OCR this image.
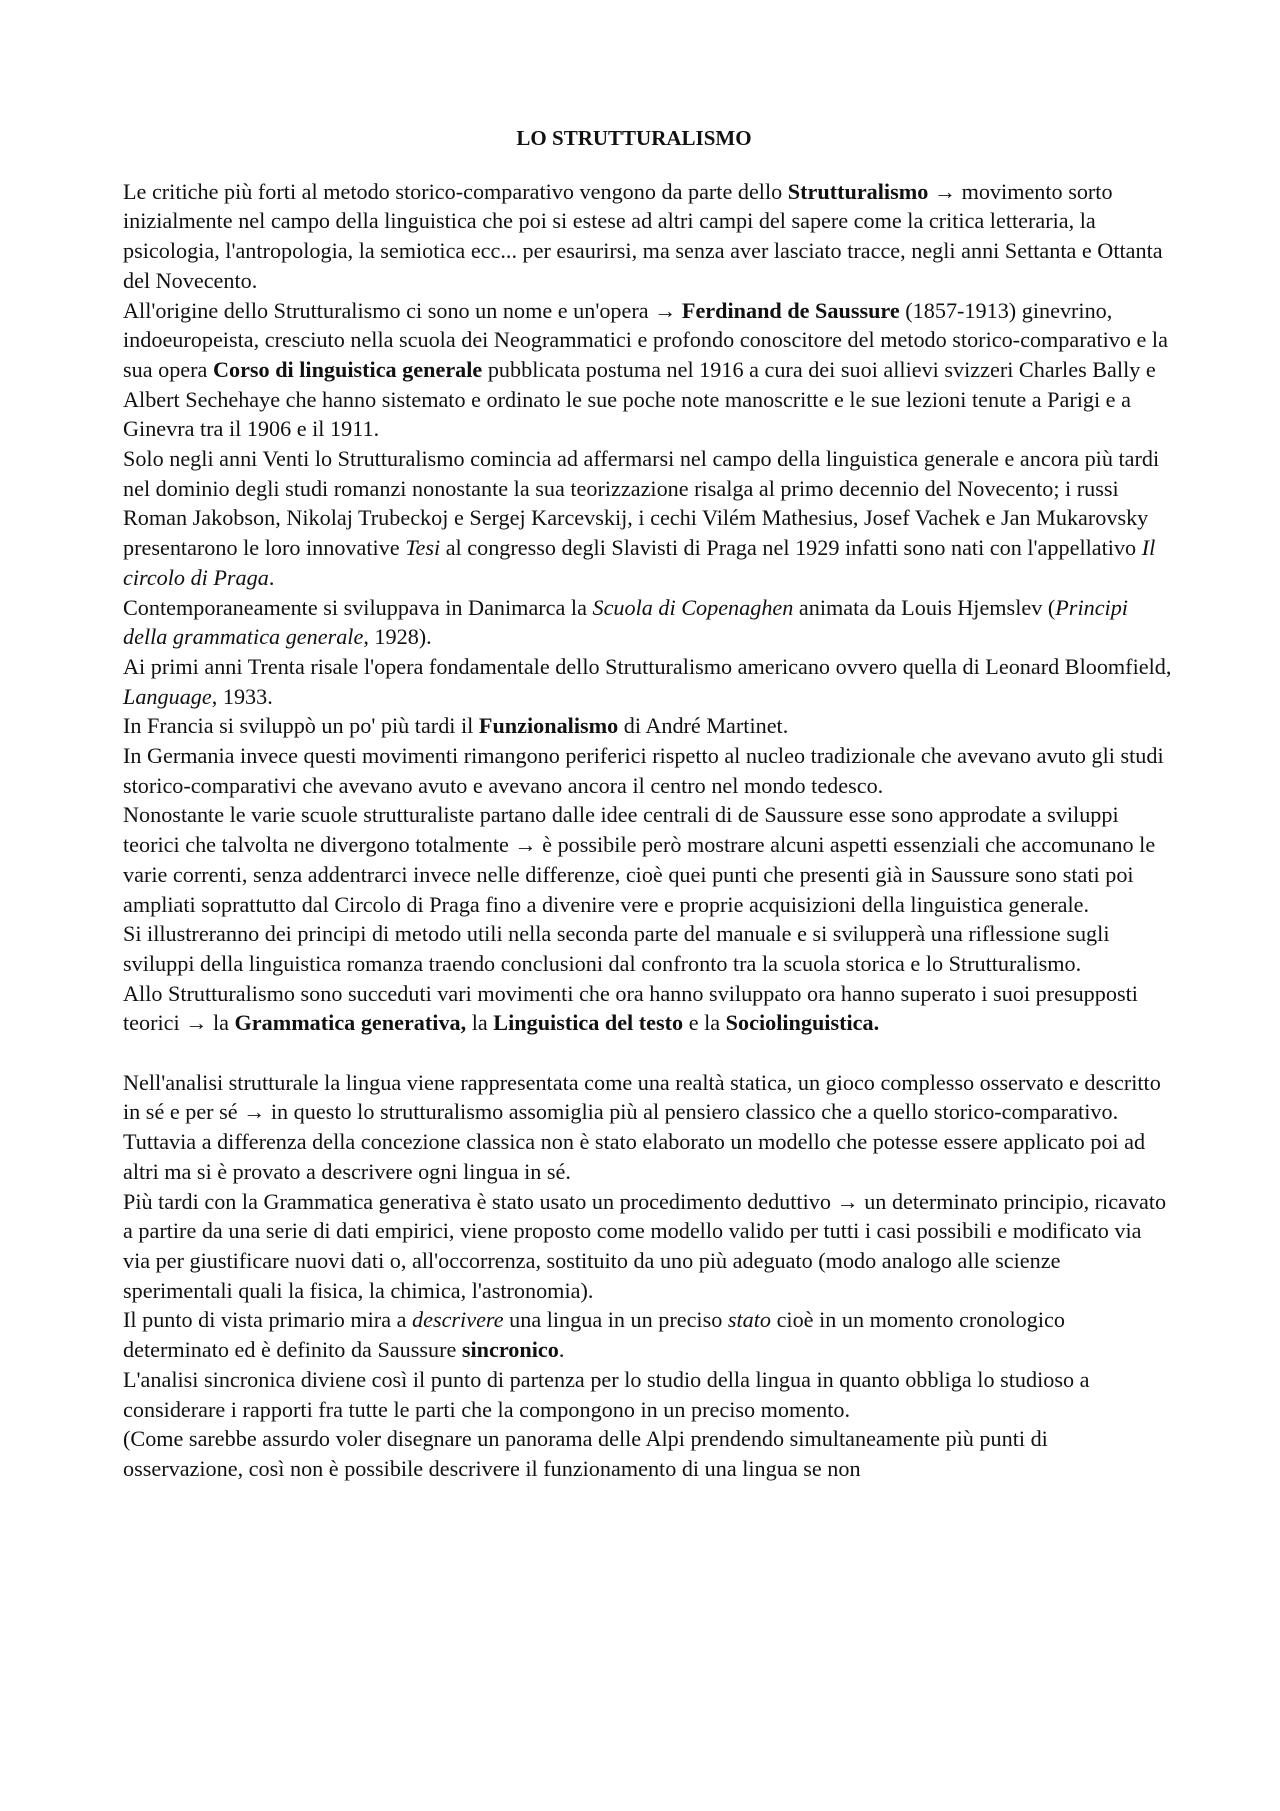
LO STRUTTURALISMO

Le critiche più forti al metodo storico-comparativo vengono da parte dello Strutturalismo → movimento sorto inizialmente nel campo della linguistica che poi si estese ad altri campi del sapere come la critica letteraria, la psicologia, l'antropologia, la semiotica ecc... per esaurirsi, ma senza aver lasciato tracce, negli anni Settanta e Ottanta del Novecento.

All'origine dello Strutturalismo ci sono un nome e un'opera → Ferdinand de Saussure (1857-1913) ginevrino, indoeuropeista, cresciuto nella scuola dei Neogrammatici e profondo conoscitore del metodo storico-comparativo e la sua opera Corso di linguistica generale pubblicata postuma nel 1916 a cura dei suoi allievi svizzeri Charles Bally e Albert Sechehaye che hanno sistemato e ordinato le sue poche note manoscritte e le sue lezioni tenute a Parigi e a Ginevra tra il 1906 e il 1911.

Solo negli anni Venti lo Strutturalismo comincia ad affermarsi nel campo della linguistica generale e ancora più tardi nel dominio degli studi romanzi nonostante la sua teorizzazione risalga al primo decennio del Novecento; i russi Roman Jakobson, Nikolaj Trubeckoj e Sergej Karcevskij, i cechi Vilém Mathesius, Josef Vachek e Jan Mukarovsky presentarono le loro innovative Tesi al congresso degli Slavisti di Praga nel 1929 infatti sono nati con l'appellativo Il circolo di Praga.

Contemporaneamente si sviluppava in Danimarca la Scuola di Copenaghen animata da Louis Hjemslev (Principi della grammatica generale, 1928).

Ai primi anni Trenta risale l'opera fondamentale dello Strutturalismo americano ovvero quella di Leonard Bloomfield, Language, 1933.

In Francia si sviluppò un po' più tardi il Funzionalismo di André Martinet.

In Germania invece questi movimenti rimangono periferici rispetto al nucleo tradizionale che avevano avuto gli studi storico-comparativi che avevano avuto e avevano ancora il centro nel mondo tedesco.

Nonostante le varie scuole strutturaliste partano dalle idee centrali di de Saussure esse sono approdate a sviluppi teorici che talvolta ne divergono totalmente → è possibile però mostrare alcuni aspetti essenziali che accomunano le varie correnti, senza addentrarci invece nelle differenze, cioè quei punti che presenti già in Saussure sono stati poi ampliati soprattutto dal Circolo di Praga fino a divenire vere e proprie acquisizioni della linguistica generale.

Si illustreranno dei principi di metodo utili nella seconda parte del manuale e si svilupperà una riflessione sugli sviluppi della linguistica romanza traendo conclusioni dal confronto tra la scuola storica e lo Strutturalismo.

Allo Strutturalismo sono succeduti vari movimenti che ora hanno sviluppato ora hanno superato i suoi presupposti teorici → la Grammatica generativa, la Linguistica del testo e la Sociolinguistica.

Nell'analisi strutturale la lingua viene rappresentata come una realtà statica, un gioco complesso osservato e descritto in sé e per sé → in questo lo strutturalismo assomiglia più al pensiero classico che a quello storico-comparativo.

Tuttavia a differenza della concezione classica non è stato elaborato un modello che potesse essere applicato poi ad altri ma si è provato a descrivere ogni lingua in sé.

Più tardi con la Grammatica generativa è stato usato un procedimento deduttivo → un determinato principio, ricavato a partire da una serie di dati empirici, viene proposto come modello valido per tutti i casi possibili e modificato via via per giustificare nuovi dati o, all'occorrenza, sostituito da uno più adeguato (modo analogo alle scienze sperimentali quali la fisica, la chimica, l'astronomia).

Il punto di vista primario mira a descrivere una lingua in un preciso stato cioè in un momento cronologico determinato ed è definito da Saussure sincronico.

L'analisi sincronica diviene così il punto di partenza per lo studio della lingua in quanto obbliga lo studioso a considerare i rapporti fra tutte le parti che la compongono in un preciso momento.

(Come sarebbe assurdo voler disegnare un panorama delle Alpi prendendo simultaneamente più punti di osservazione, così non è possibile descrivere il funzionamento di una lingua se non
